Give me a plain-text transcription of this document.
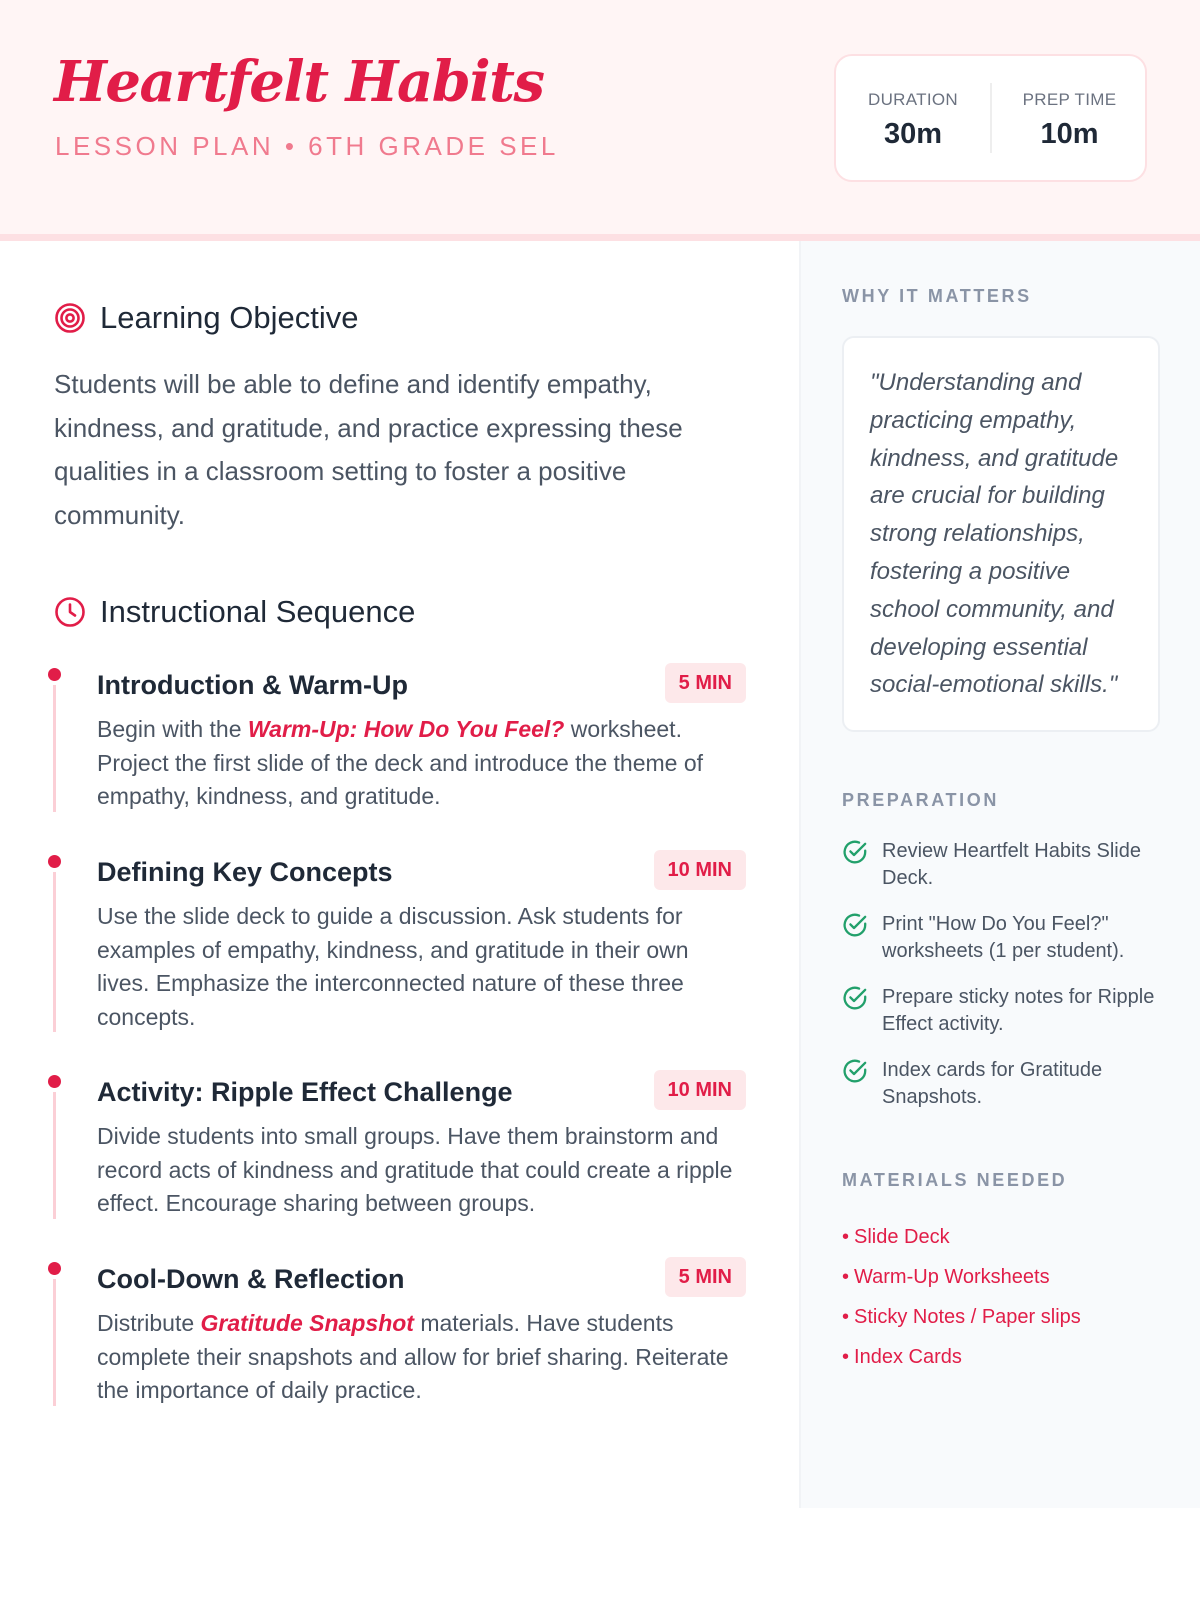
Heartfelt Habits
LESSON PLAN • 6TH GRADE SEL
DURATION
30m
PREP TIME
10m
Learning Objective
Students will be able to define and identify empathy, kindness, and gratitude, and practice expressing these qualities in a classroom setting to foster a positive community.
Instructional Sequence
Introduction & Warm-Up	5 MIN
Begin with the Warm-Up: How Do You Feel? worksheet. Project the first slide of the deck and introduce the theme of empathy, kindness, and gratitude.
Defining Key Concepts	10 MIN
Use the slide deck to guide a discussion. Ask students for examples of empathy, kindness, and gratitude in their own lives. Emphasize the interconnected nature of these three concepts.
Activity: Ripple Effect Challenge	10 MIN
Divide students into small groups. Have them brainstorm and record acts of kindness and gratitude that could create a ripple effect. Encourage sharing between groups.
Cool-Down & Reflection	5 MIN
Distribute Gratitude Snapshot materials. Have students complete their snapshots and allow for brief sharing. Reiterate the importance of daily practice.
WHY IT MATTERS
"Understanding and practicing empathy, kindness, and gratitude are crucial for building strong relationships, fostering a positive school community, and developing essential social-emotional skills."
PREPARATION
Review Heartfelt Habits Slide Deck.
Print "How Do You Feel?" worksheets (1 per student).
Prepare sticky notes for Ripple Effect activity.
Index cards for Gratitude Snapshots.
MATERIALS NEEDED
• Slide Deck
• Warm-Up Worksheets
• Sticky Notes / Paper slips
• Index Cards
